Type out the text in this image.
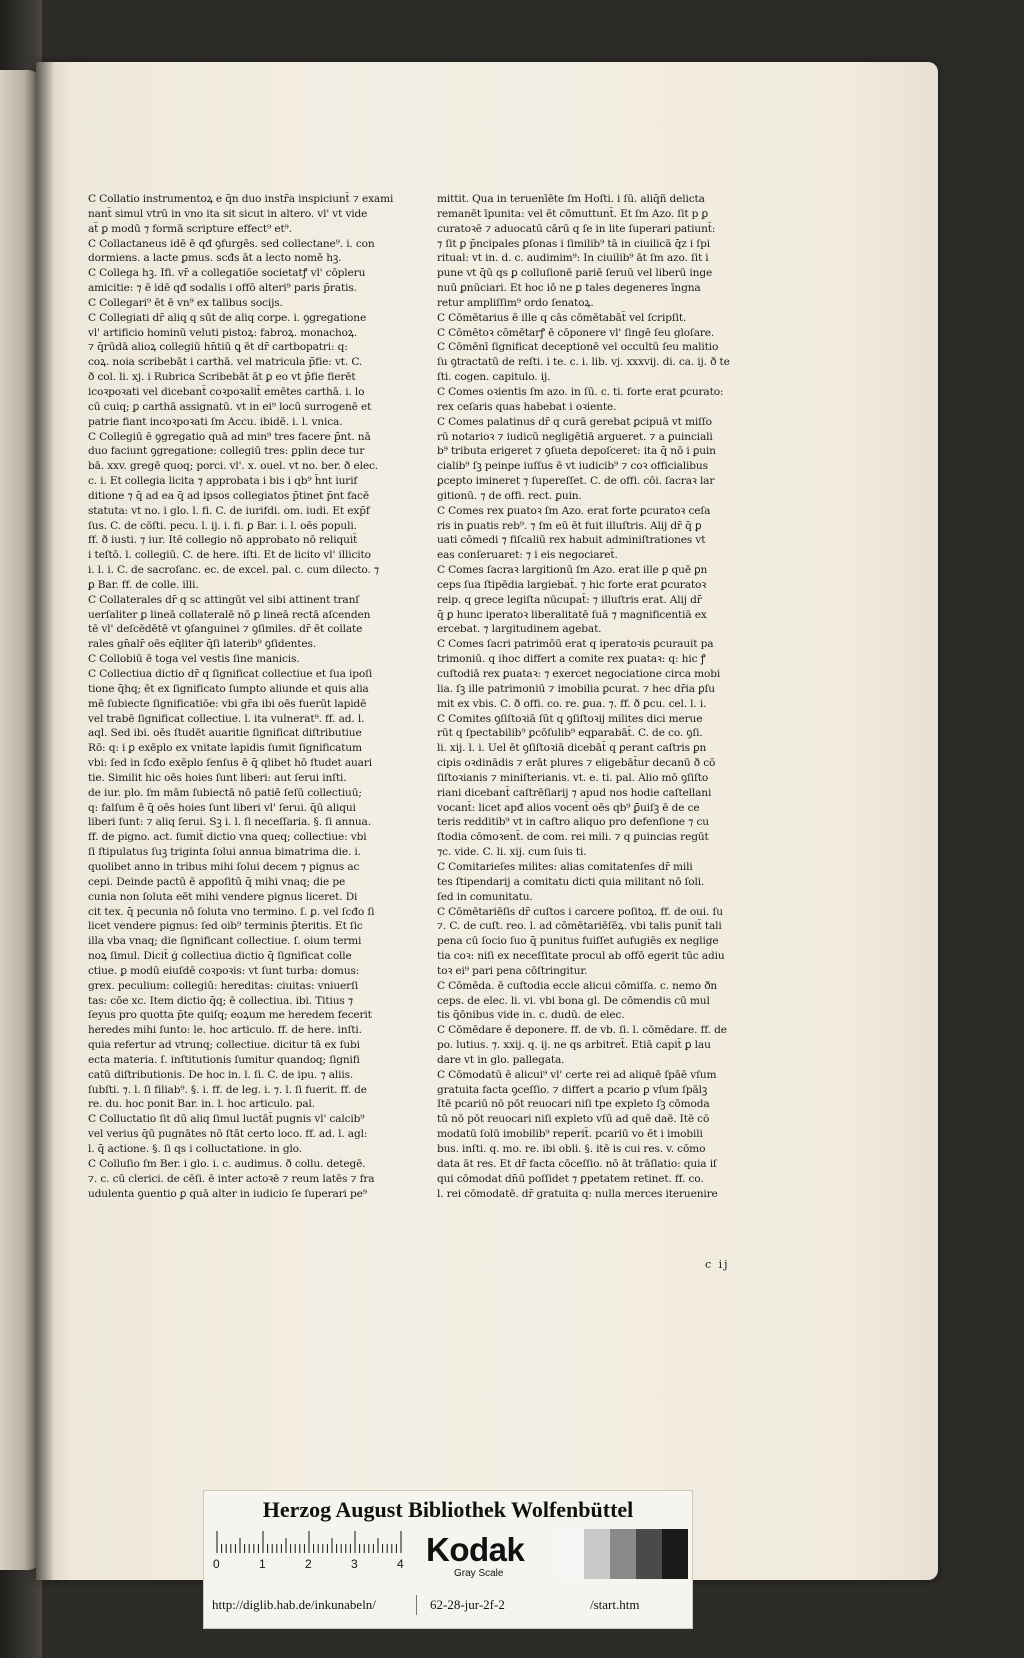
C Collatio instrumentoꝝ e q̄n duo instr̄a inspiciunt̄ ⁊ exami

nant̄ simul vtrū in vno ita sit sicut in altero. vl' vt vide

at̄ ꝑ modū ⁊ formā scripture effect⁹ et⁹.

C Collactaneus idē ē qđ ꝯfurgēs. sed collectane⁹. i. con

dormiens. a lacte ꝑmus. scđs āt a lecto nomē hꝫ.

C Collega hꝫ. Ifi. vr̄ a collegatiōe societatꝭ vl' cōpleru

amicitie: ⁊ ē idē qđ sodalis i offō alteri⁹ paris p̄ratis.

C Collegari⁹ ēt ē vn⁹ ex talibus socijs.

C Collegiati dr̄ aliq q sūt de aliq corpe. i. ꝯgregatione

vl' artificio hominū veluti pistoꝝ: fabroꝝ. monachoꝝ.

⁊ q̄rūdā alioꝝ collegiū hn̄tiū ꝗ ēt dr̄ cartbopatri: q:

coꝝ. noia scribebāt i carthā. vel matricula p̄fie: vt. C.

ð col. li. xj. i Rubrica Scribebāt āt ꝑ eo vt p̄fie fierēt

icoꝛpoꝛati vel dicebant̄ coꝛpoꝛalit̄ emētes carthā. i. lo

cū cuiq; ꝑ carthā assignatū. vt in ei⁹ locū surrogenē et

patrie fiant incoꝛpoꝛati ſm Accu. ibidē. i. l. vnica.

C Collegiū ē ꝯgregatio quā ad min⁹ tres facere p̄nt. nā

duo faciunt ꝯgregatione: collegiū tres: ꝑplin dece tur

bā. xxv. gregē quoq; porci. vl'. x. ouel. vt no. ber. ð elec.

c. i. Et collegia licita ⁊ approbata i bis i qb⁹ h̄nt iurif

ditione ⁊ q̄ ad ea q̄ ad ipsos collegiatos p̄tinet p̄nt facē

statuta: vt no. i glo. l. fi. C. de iurifdi. om. iudi. Et exp̄f

ſus. C. de cōſti. pecu. l. ij. i. fi. ꝑ Bar. i. l. oēs populi.

ff. ð iusti. ⁊ iur. Itē collegio nō approbato nō reliquit̄

i teſtō. l. collegiū. C. de here. iſti. Et de licito vl' illicito

i. l. i. C. de sacroſanc. ec. de excel. pal. c. cum dilecto. ⁊

ꝑ Bar. ff. de colle. illi.

C Collaterales dr̄ q sc attingūt vel sibi attinent tranſ

uerſaliter ꝑ lineā collateralē nō ꝑ lineā rectā aſcenden

tē vl' deſcēdētē vt ꝯſanguinei ⁊ ꝯſimiles. dr̄ ēt collate

rales gn̄alr̄ oēs eq̄liter q̄ſi laterib⁹ ꝯſidentes.

C Collobiū ē toga vel vestis ſine manicis.

C Collectiua dictio dr̄ q ſignificat collectiue et ſua ipoſi

tione q̄hq; ēt ex ſignificato ſumpto aliunde et quis alia

mē ſubiecte ſignificatiōe: vbi gr̄a ibi oēs fuerūt lapidē

vel trabē ſignificat collectiue. l. ita vulnerat⁹. ff. ad. l.

aql. Sed ibi. oēs ſtudēt auaritie ſignificat diſtributiue

Rō: q: i ꝑ exēplo ex vnitate lapidis ſumit ſignificatum

vbi: ſed in ſcđo exēplo ſenſus ē q̄ qlibet hō ſtudet auari

tie. Similit hic oēs hoies ſunt liberi: aut ſerui inſti.

de iur. plo. ſm mām ſubiectā nō patiē ſeſū collectiuū;

q: falſum ē q̄ oēs hoies ſunt liberi vl' ſerui. q̄ū aliqui

liberi ſunt: ⁊ aliq ſerui. Sꝫ i. l. ſi neceſſaria. §. ſi annua.

ff. de pigno. act. ſumit̄ dictio vna queq; collectiue: vbi

ſi ſtipulatus ſuꝫ triginta ſolui annua bimatrima die. i.

quolibet anno in tribus mihi ſolui decem ⁊ pignus ac

cepi. Deinde pactū ē appoſitū q̄ mihi vnaq; die pe

cunia non ſoluta eēt mihi vendere pignus liceret. Di

cit tex. q̄ pecunia nō ſoluta vno termino. ſ. ꝑ. vel ſcđo ſi

licet vendere pignus: ſed oib⁹ terminis p̄teritis. Et ſic

illa vba vnaq; die ſignificant collectiue. ſ. oium termi

noꝝ ſimul. Dicit̄ ģ collectiua dictio q̄ ſignificat colle

ctiue. ꝑ modū eiuſdē coꝛpoꝛis: vt ſunt turba: domus:

grex. peculium: collegiū: hereditas: ciuitas: vniuerſi

tas: cōe xc. Item dictio q̄q; ē collectiua. ibi. Titius ⁊

ſeyus pro quotta p̄te quiſq; eoꝝum me heredem fecerit

heredes mihi ſunto: le. hoc articulo. ff. de here. inſti.

quia refertur ad vtrunq; collectiue. dicitur tā ex ſubi

ecta materia. ſ. inſtitutionis ſumitur quandoq; ſignifi

catū diſtributionis. De hoc in. l. ſi. C. de ipu. ⁊ aliis.

ſubſti. ⁊. l. ſi filiab⁹. §. i. ff. de leg. i. ⁊. l. ſi fuerit. ff. de

re. du. hoc ponit Bar. in. l. hoc articulo. pal.

C Colluctatio ſit dū aliq ſimul luctāt̄ pugnis vl' calcib⁹

vel verius q̄ū pugnātes nō ſtāt certo loco. ff. ad. l. agl:

l. q̄ actione. §. ſi qs i colluctatione. in glo.

C Colluſio ſm Ber. i glo. i. c. audimus. ð collu. detegē.

⁊. c. cū clerici. de cēſi. ē inter actoꝛē ⁊ reum latēs ⁊ fra

udulenta ꝯuentio ꝑ quā alter in iudicio ſe ſuperari pe⁹

mittit. Qua in teruenīēte ſm Hoſti. i ſū. aliq̄ñ delicta

remanēt īpunita: vel ēt cōmuttunt̄. Et ſm Azo. ſit p ꝑ

curatoꝛē ⁊ aduocatū cārū q ſe in lite ſuperari patiunt̄:

⁊ ſit ꝑ p̄ncipales ꝑſonas i ſimilib⁹ tā in ciuilicā q̄z i ſpi

ritual: vt in. d. c. audimim⁹: In ciuilib⁹ āt ſm azo. ſit i

pune vt q̄ū qs ꝑ colluſionē pariē ſeruū vel liberū inge

nuū ꝑnūciari. Et hoc iō ne ꝑ tales degeneres īngna

retur ampliſſim⁹ ordo ſenatoꝝ.

C Cōmētarius ē ille q cās cōmētabāt̄ vel ſcripſit.

C Cōmētoꝛ cōmētarꝭ ē cōponere vl' ſingē ſeu gloſare.

C Cōmēnī ſignificat deceptionē vel occultū ſeu malitio

ſu ꝯtractatū de reſti. i te. c. i. lib. vj. xxxvij. di. ca. ij. ð te

ſti. cogen. capitulo. ij.

C Comes oꝛientis ſm azo. in ſū. c. ti. forte erat ꝑcurato:

rex ceſaris quas habebat i oꝛiente.

C Comes palatinus dr̄ q curā gerebat ꝑcipuā vt miſſo

rū notarioꝛ ⁊ iudicū negligētiā argueret. ⁊ a ꝑuinciali

b⁹ tributa erigeret ⁊ ꝯſueta depoſceret: ita q̄ nō i ꝑuin

cialib⁹ ſꝫ peinpe iuſſus ē vt iudicib⁹ ⁊ coꝛ officialibus

ꝑcepto imineret ⁊ ſupereſſet. C. de offi. cōi. ſacraꝛ lar

gitionū. ⁊ de offi. rect. ꝑuin.

C Comes rex ꝑuatoꝛ ſm Azo. erat forte ꝑcuratoꝛ ceſa

ris in ꝑuatis reb⁹. ⁊ ſm eū ēt fuit illuſtris. Alij dr̄ q̄ ꝑ

uati cōmedi ⁊ fiſcaliū rex habuit adminiſtrationes vt

eas conſeruaret: ⁊ i eis negociaret̄.

C Comes ſacraꝛ largitionū ſm Azo. erat ille ꝑ quē ꝑn

ceps ſua ſtipēdia largiebat̄. ⁊ hic forte erat ꝑcuratoꝛ

reip. q grece legiſta nūcupat̄: ⁊ illuſtris erat. Alij dr̄

q̄ ꝑ hunc iperatoꝛ liberalitatē ſuā ⁊ magnificentiā ex

ercebat. ⁊ largitudinem agebat.

C Comes ſacri patrimōū erat q iperatoꝛis ꝑcurauit pa

trimoniū. q ihoc differt a comite rex ꝑuataꝛ: q: hic ꝭ

cuſtodiā rex ꝑuataꝛ: ⁊ exercet negociatione circa mobi

lia. ſꝫ ille patrimoniū ⁊ imobilia ꝑcurat. ⁊ hec dr̄ia ꝑſu

mit ex vbis. C. ð offi. co. re. ꝑua. ⁊. ff. ð ꝑcu. cel. l. i.

C Comites ꝯſiſtoꝛiā ſūt q ꝯſiſtoꝛij milites dici merue

rūt q ſpectabilib⁹ ꝑcōſulib⁹ eqparabāt̄. C. de co. ꝯſi.

li. xij. l. i. Uel ēt ꝯſiſtoꝛiā dicebāt̄ q ꝑerant caſtris ꝑn

cipis oꝛdinādis ⁊ erāt plures ⁊ eligebāt̄ur decanū ð cō

ſiſtoꝛianis ⁊ miniſterianis. vt. e. ti. pal. Alio mō ꝯſiſto

riani dicebant̄ caſtrēſiarij ⁊ apud nos hodie caſtellani

vocant̄: licet apđ alios vocent̄ oēs qb⁹ ꝑ̄uiſꝫ ē de ce

teris redditib⁹ vt in caſtro aliquo pro defenſione ⁊ cu

ſtodia cōmoꝛent̄. de com. rei mili. ⁊ q ꝑuincias regūt

⁊c. vide. C. li. xij. cum ſuis ti.

C Comitarieſes milites: alias comitatenſes dr̄ mili

tes ſtipendarij a comitatu dicti quia militant nō ſoli.

ſed in comunitatu.

C Cōmētariēſis dr̄ cuſtos i carcere poſitoꝝ. ff. de oui. ſu

⁊. C. de cuſt. reo. l. ad cōmētariēſēꝝ. vbi talis punit̄ tali

pena cū ſocio ſuo q̄ punitus fuiſſet aufugiēs ex neglige

tia coꝛ: niſi ex neceſſitate procul ab offō egerit tūc adiu

toꝛ ei⁹ pari pena cōſtringitur.

C Cōmēda. ē cuſtodia eccle alicui cōmiſſa. c. nemo ðn

ceps. de elec. li. vi. vbi bona gl. De cōmendis cū mul

tis q̄ōnibus vide in. c. dudū. de elec.

C Cōmēdare ē deponere. ff. de vb. ſi. l. cōmēdare. ff. de

po. lutius. ⁊. xxij. q. ij. ne qs arbitret̄. Etiā capit̄ ꝑ lau

dare vt in glo. pallegata.

C Cōmodatū ē alicui⁹ vl' certe rei ad aliquē ſpāē vſum

gratuita facta ꝯceſſio. ⁊ differt a pcario ꝑ vſum ſpālꝫ

Itē pcariū nō pōt reuocari niſi tpe expleto ſꝫ cōmoda

tū nō pōt reuocari niſi expleto vſū ad quē daē. Itē cō

modatū ſolū imobilib⁹ reperit̄. pcariū vo ēt i imobili

bus. inſti. q. mo. re. ibi obli. §. itē is cui res. v. cōmo

data āt res. Et dr̄ facta cōceſſio. nō āt trāſlatio: quia iſ

qui cōmodat dn̄ū poſſidet ⁊ ꝑpetatem retinet. ff. co.

l. rei cōmodatē. dr̄ gratuita q: nulla merces iteruenire

c ij
Herzog August Bibliothek Wolfenbüttel
0	1	2	3	4 Kodak
Gray Scale
http://diglib.hab.de/inkunabeln/	62-28-jur-2f-2	/start.htm
